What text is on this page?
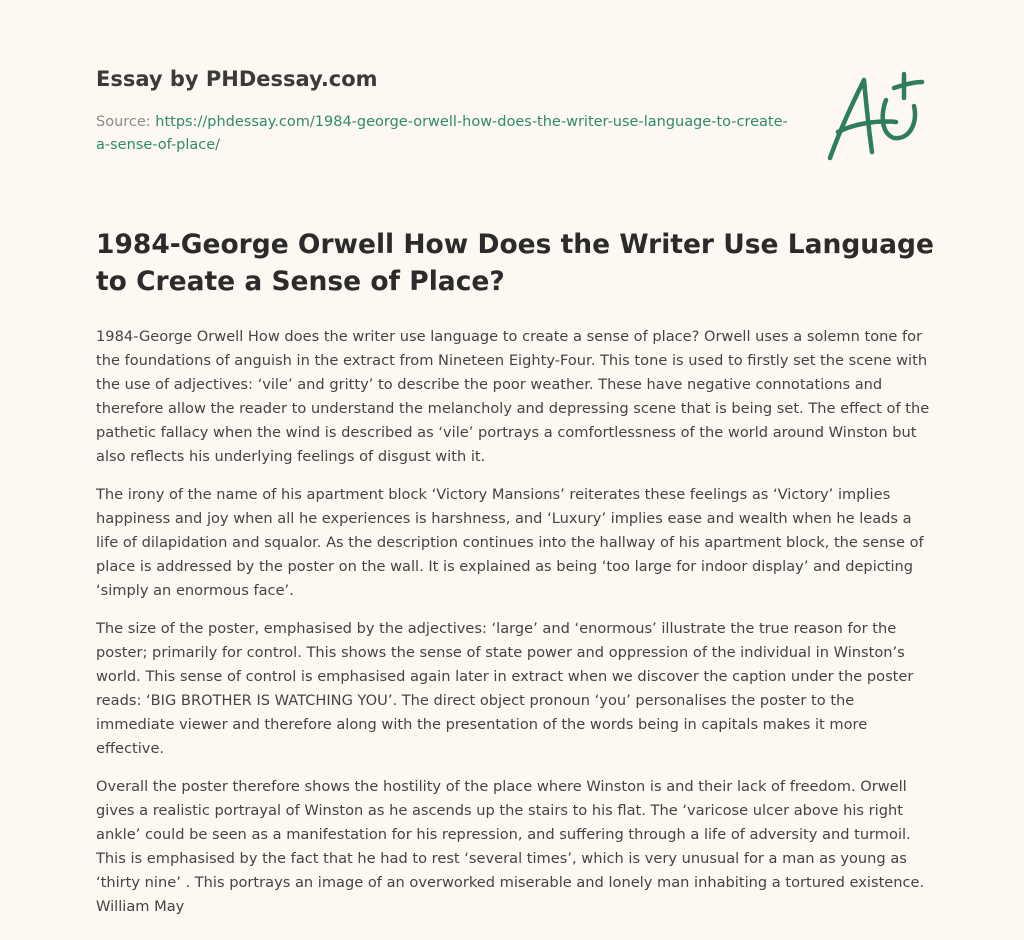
Essay by PHDessay.com
Source: https://phdessay.com/1984-george-orwell-how-does-the-writer-use-language-to-create-a-sense-of-place/
1984-George Orwell How Does the Writer Use Language to Create a Sense of Place?

1984-George Orwell How does the writer use language to create a sense of place? Orwell uses a solemn tone for the foundations of anguish in the extract from Nineteen Eighty-Four. This tone is used to firstly set the scene with the use of adjectives: ‘vile’ and gritty’ to describe the poor weather. These have negative connotations and therefore allow the reader to understand the melancholy and depressing scene that is being set. The effect of the pathetic fallacy when the wind is described as ‘vile’ portrays a comfortlessness of the world around Winston but also reflects his underlying feelings of disgust with it.

The irony of the name of his apartment block ‘Victory Mansions’ reiterates these feelings as ‘Victory’ implies happiness and joy when all he experiences is harshness, and ‘Luxury’ implies ease and wealth when he leads a life of dilapidation and squalor. As the description continues into the hallway of his apartment block, the sense of place is addressed by the poster on the wall. It is explained as being ‘too large for indoor display’ and depicting ‘simply an enormous face’.

The size of the poster, emphasised by the adjectives: ‘large’ and ‘enormous’ illustrate the true reason for the poster; primarily for control. This shows the sense of state power and oppression of the individual in Winston’s world. This sense of control is emphasised again later in extract when we discover the caption under the poster reads: ‘BIG BROTHER IS WATCHING YOU’. The direct object pronoun ‘you’ personalises the poster to the immediate viewer and therefore along with the presentation of the words being in capitals makes it more effective.

Overall the poster therefore shows the hostility of the place where Winston is and their lack of freedom. Orwell gives a realistic portrayal of Winston as he ascends up the stairs to his flat. The ‘varicose ulcer above his right ankle’ could be seen as a manifestation for his repression, and suffering through a life of adversity and turmoil. This is emphasised by the fact that he had to rest ‘several times’, which is very unusual for a man as young as ‘thirty nine’ . This portrays an image of an overworked miserable and lonely man inhabiting a tortured existence. William May
